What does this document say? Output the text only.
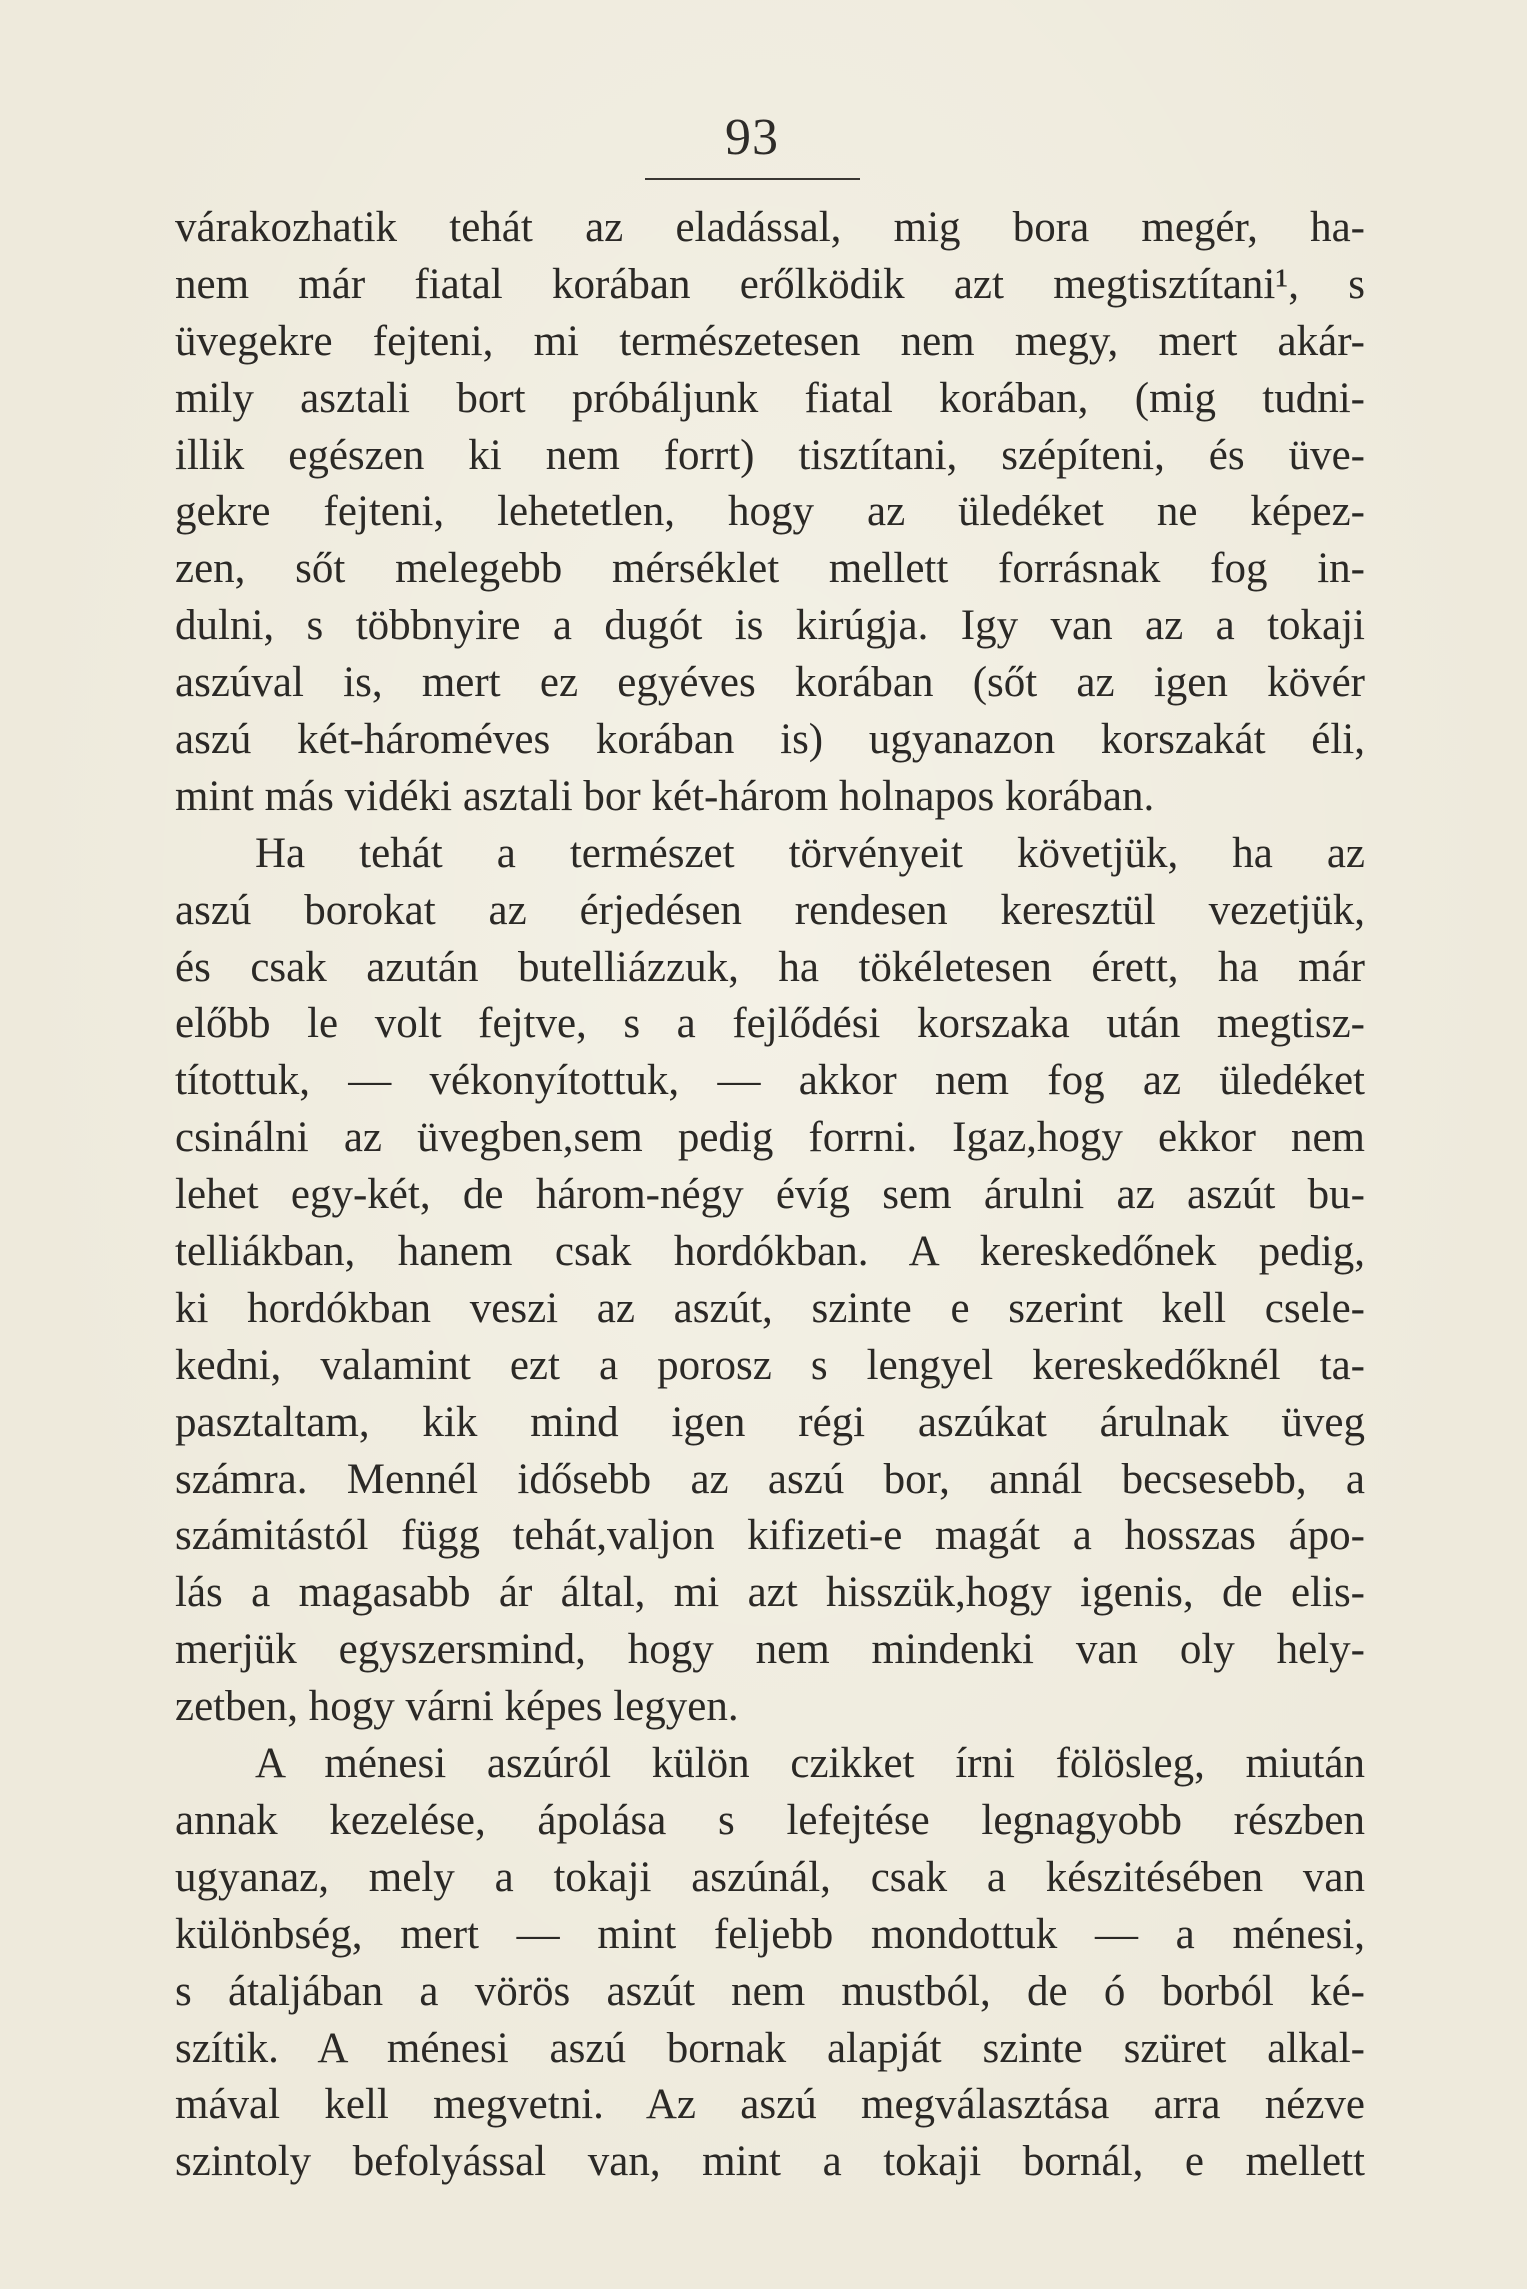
93
várakozhatik tehát az eladással, mig bora megér, ha-
nem már fiatal korában erőlködik azt megtisztítani¹, s
üvegekre fejteni, mi természetesen nem megy, mert akár-
mily asztali bort próbáljunk fiatal korában, (mig tudni-
illik egészen ki nem forrt) tisztítani, szépíteni, és üve-
gekre fejteni, lehetetlen, hogy az üledéket ne képez-
zen, sőt melegebb mérséklet mellett forrásnak fog in-
dulni, s többnyire a dugót is kirúgja. Igy van az a tokaji
aszúval is, mert ez egyéves korában (sőt az igen kövér
aszú két-hároméves korában is) ugyanazon korszakát éli,
mint más vidéki asztali bor két-három holnapos korában.
Ha tehát a természet törvényeit követjük, ha az
aszú borokat az érjedésen rendesen keresztül vezetjük,
és csak azután butelliázzuk, ha tökéletesen érett, ha már
előbb le volt fejtve, s a fejlődési korszaka után megtisz-
títottuk, — vékonyítottuk, — akkor nem fog az üledéket
csinálni az üvegben,sem pedig forrni. Igaz,hogy ekkor nem
lehet egy-két, de három-négy évíg sem árulni az aszút bu-
telliákban, hanem csak hordókban. A kereskedőnek pedig,
ki hordókban veszi az aszút, szinte e szerint kell csele-
kedni, valamint ezt a porosz s lengyel kereskedőknél ta-
pasztaltam, kik mind igen régi aszúkat árulnak üveg
számra. Mennél idősebb az aszú bor, annál becsesebb, a
számitástól függ tehát,valjon kifizeti-e magát a hosszas ápo-
lás a magasabb ár által, mi azt hisszük,hogy igenis, de elis-
merjük egyszersmind, hogy nem mindenki van oly hely-
zetben, hogy várni képes legyen.
A ménesi aszúról külön czikket írni fölösleg, miután
annak kezelése, ápolása s lefejtése legnagyobb részben
ugyanaz, mely a tokaji aszúnál, csak a készitésében van
különbség, mert — mint feljebb mondottuk — a ménesi,
s átaljában a vörös aszút nem mustból, de ó borból ké-
szítik. A ménesi aszú bornak alapját szinte szüret alkal-
mával kell megvetni. Az aszú megválasztása arra nézve
szintoly befolyással van, mint a tokaji bornál, e mellett
